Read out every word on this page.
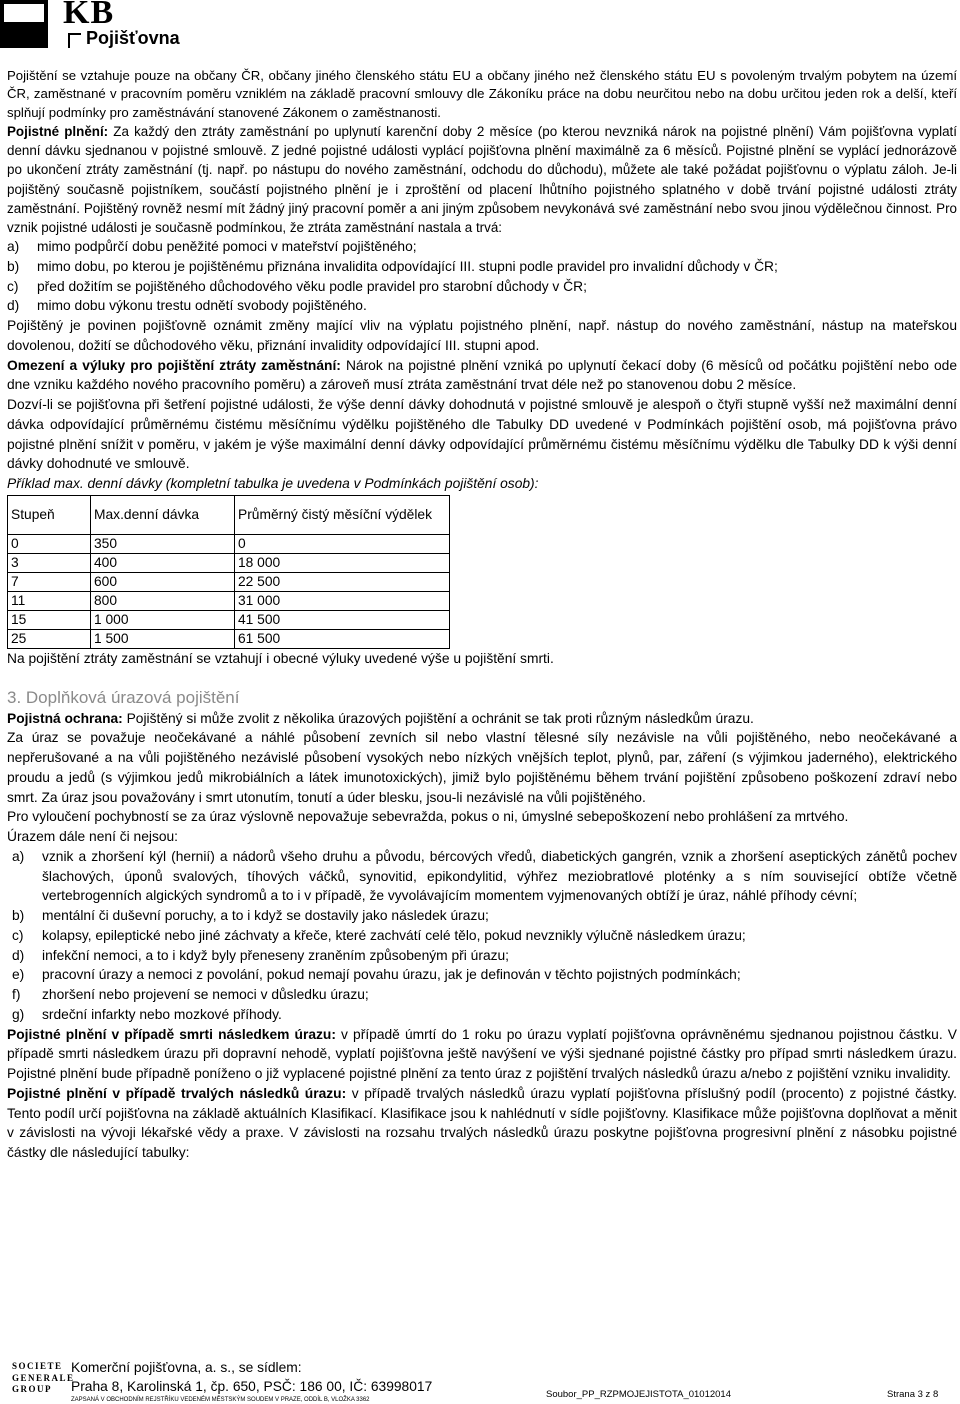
KB
Pojišťovna

Pojištění se vztahuje pouze na občany ČR, občany jiného členského státu EU a občany jiného než členského státu EU s povoleným trvalým pobytem na území ČR, zaměstnané v pracovním poměru vzniklém na základě pracovní smlouvy dle Zákoníku práce na dobu neurčitou nebo na dobu určitou jeden rok a delší, kteří splňují podmínky pro zaměstnávání stanovené Zákonem o zaměstnanosti.

Pojistné plnění: Za každý den ztráty zaměstnání po uplynutí karenční doby 2 měsíce (po kterou nevzniká nárok na pojistné plnění) Vám pojišťovna vyplatí denní dávku sjednanou v pojistné smlouvě. Z jedné pojistné události vyplácí pojišťovna plnění maximálně za 6 měsíců. Pojistné plnění se vyplácí jednorázově po ukončení ztráty zaměstnání (tj. např. po nástupu do nového zaměstnání, odchodu do důchodu), můžete ale také požádat pojišťovnu o výplatu záloh. Je-li pojištěný současně pojistníkem, součástí pojistného plnění je i zproštění od placení lhůtního pojistného splatného v době trvání pojistné události ztráty zaměstnání. Pojištěný rovněž nesmí mít žádný jiný pracovní poměr a ani jiným způsobem nevykonává své zaměstnání nebo svou jinou výdělečnou činnost. Pro vznik pojistné události je současně podmínkou, že ztráta zaměstnání nastala a trvá:

a) mimo podpůrčí dobu peněžité pomoci v mateřství pojištěného;
b) mimo dobu, po kterou je pojištěnému přiznána invalidita odpovídající III. stupni podle pravidel pro invalidní důchody v ČR;
c) před dožitím se pojištěného důchodového věku podle pravidel pro starobní důchody v ČR;
d) mimo dobu výkonu trestu odnětí svobody pojištěného.

Pojištěný je povinen pojišťovně oznámit změny mající vliv na výplatu pojistného plnění, např. nástup do nového zaměstnání, nástup na mateřskou dovolenou, dožití se důchodového věku, přiznání invalidity odpovídající III. stupni apod.

Omezení a výluky pro pojištění ztráty zaměstnání: Nárok na pojistné plnění vzniká po uplynutí čekací doby (6 měsíců od počátku pojištění nebo ode dne vzniku každého nového pracovního poměru) a zároveň musí ztráta zaměstnání trvat déle než po stanovenou dobu 2 měsíce.

Dozví-li se pojišťovna při šetření pojistné události, že výše denní dávky dohodnutá v pojistné smlouvě je alespoň o čtyři stupně vyšší než maximální denní dávka odpovídající průměrnému čistému měsíčnímu výdělku pojištěného dle Tabulky DD uvedené v Podmínkách pojištění osob, má pojišťovna právo pojistné plnění snížit v poměru, v jakém je výše maximální denní dávky odpovídající průměrnému čistému měsíčnímu výdělku dle Tabulky DD k výši denní dávky dohodnuté ve smlouvě.

Příklad max. denní dávky (kompletní tabulka je uvedena v Podmínkách pojištění osob):

Stupeň	Max.denní dávka	Průměrný čistý měsíční výdělek
0	350	0
3	400	18 000
7	600	22 500
11	800	31 000
15	1 000	41 500
25	1 500	61 500

Na pojištění ztráty zaměstnání se vztahují i obecné výluky uvedené výše u pojištění smrti.

3. Doplňková úrazová pojištění

Pojistná ochrana: Pojištěný si může zvolit z několika úrazových pojištění a ochránit se tak proti různým následkům úrazu.

Za úraz se považuje neočekávané a náhlé působení zevních sil nebo vlastní tělesné síly nezávisle na vůli pojištěného, nebo neočekávané a nepřerušované a na vůli pojištěného nezávislé působení vysokých nebo nízkých vnějších teplot, plynů, par, záření (s výjimkou jaderného), elektrického proudu a jedů (s výjimkou jedů mikrobiálních a látek imunotoxických), jimiž bylo pojištěnému během trvání pojištění způsobeno poškození zdraví nebo smrt. Za úraz jsou považovány i smrt utonutím, tonutí a úder blesku, jsou-li nezávislé na vůli pojištěného.

Pro vyloučení pochybností se za úraz výslovně nepovažuje sebevražda, pokus o ni, úmyslné sebepoškození nebo prohlášení za mrtvého.

Úrazem dále není či nejsou:

a) vznik a zhoršení kýl (hernií) a nádorů všeho druhu a původu, bércových vředů, diabetických gangrén, vznik a zhoršení aseptických zánětů pochev šlachových, úponů svalových, tíhových váčků, synovitid, epikondylitid, výhřez meziobratlové ploténky a s ním související obtíže včetně vertebrogenních algických syndromů a to i v případě, že vyvolávajícím momentem vyjmenovaných obtíží je úraz, náhlé příhody cévní;
b) mentální či duševní poruchy, a to i když se dostavily jako následek úrazu;
c) kolapsy, epileptické nebo jiné záchvaty a křeče, které zachvátí celé tělo, pokud nevznikly výlučně následkem úrazu;
d) infekční nemoci, a to i když byly přeneseny zraněním způsobeným při úrazu;
e) pracovní úrazy a nemoci z povolání, pokud nemají povahu úrazu, jak je definován v těchto pojistných podmínkách;
f) zhoršení nebo projevení se nemoci v důsledku úrazu;
g) srdeční infarkty nebo mozkové příhody.

Pojistné plnění v případě smrti následkem úrazu: v případě úmrtí do 1 roku po úrazu vyplatí pojišťovna oprávněnému sjednanou pojistnou částku. V případě smrti následkem úrazu při dopravní nehodě, vyplatí pojišťovna ještě navýšení ve výši sjednané pojistné částky pro případ smrti následkem úrazu. Pojistné plnění bude případně poníženo o již vyplacené pojistné plnění za tento úraz z pojištění trvalých následků úrazu a/nebo z pojištění vzniku invalidity.

Pojistné plnění v případě trvalých následků úrazu: v případě trvalých následků úrazu vyplatí pojišťovna příslušný podíl (procento) z pojistné částky. Tento podíl určí pojišťovna na základě aktuálních Klasifikací. Klasifikace jsou k nahlédnutí v sídle pojišťovny. Klasifikace může pojišťovna doplňovat a měnit v závislosti na vývoji lékařské vědy a praxe. V závislosti na rozsahu trvalých následků úrazu poskytne pojišťovna progresivní plnění z násobku pojistné částky dle následující tabulky:

SOCIETE
GENERALE
GROUP
Komerční pojišťovna, a. s., se sídlem:
Praha 8, Karolinská 1, čp. 650, PSČ: 186 00, IČ: 63998017
ZAPSANÁ V OBCHODNÍM REJSTŘÍKU VEDENÉM MĚSTSKÝM SOUDEM V PRAZE, ODDÍL B, VLOŽKA 3362	Soubor_PP_RZPMOJEJISTOTA_01012014	Strana 3 z 8
